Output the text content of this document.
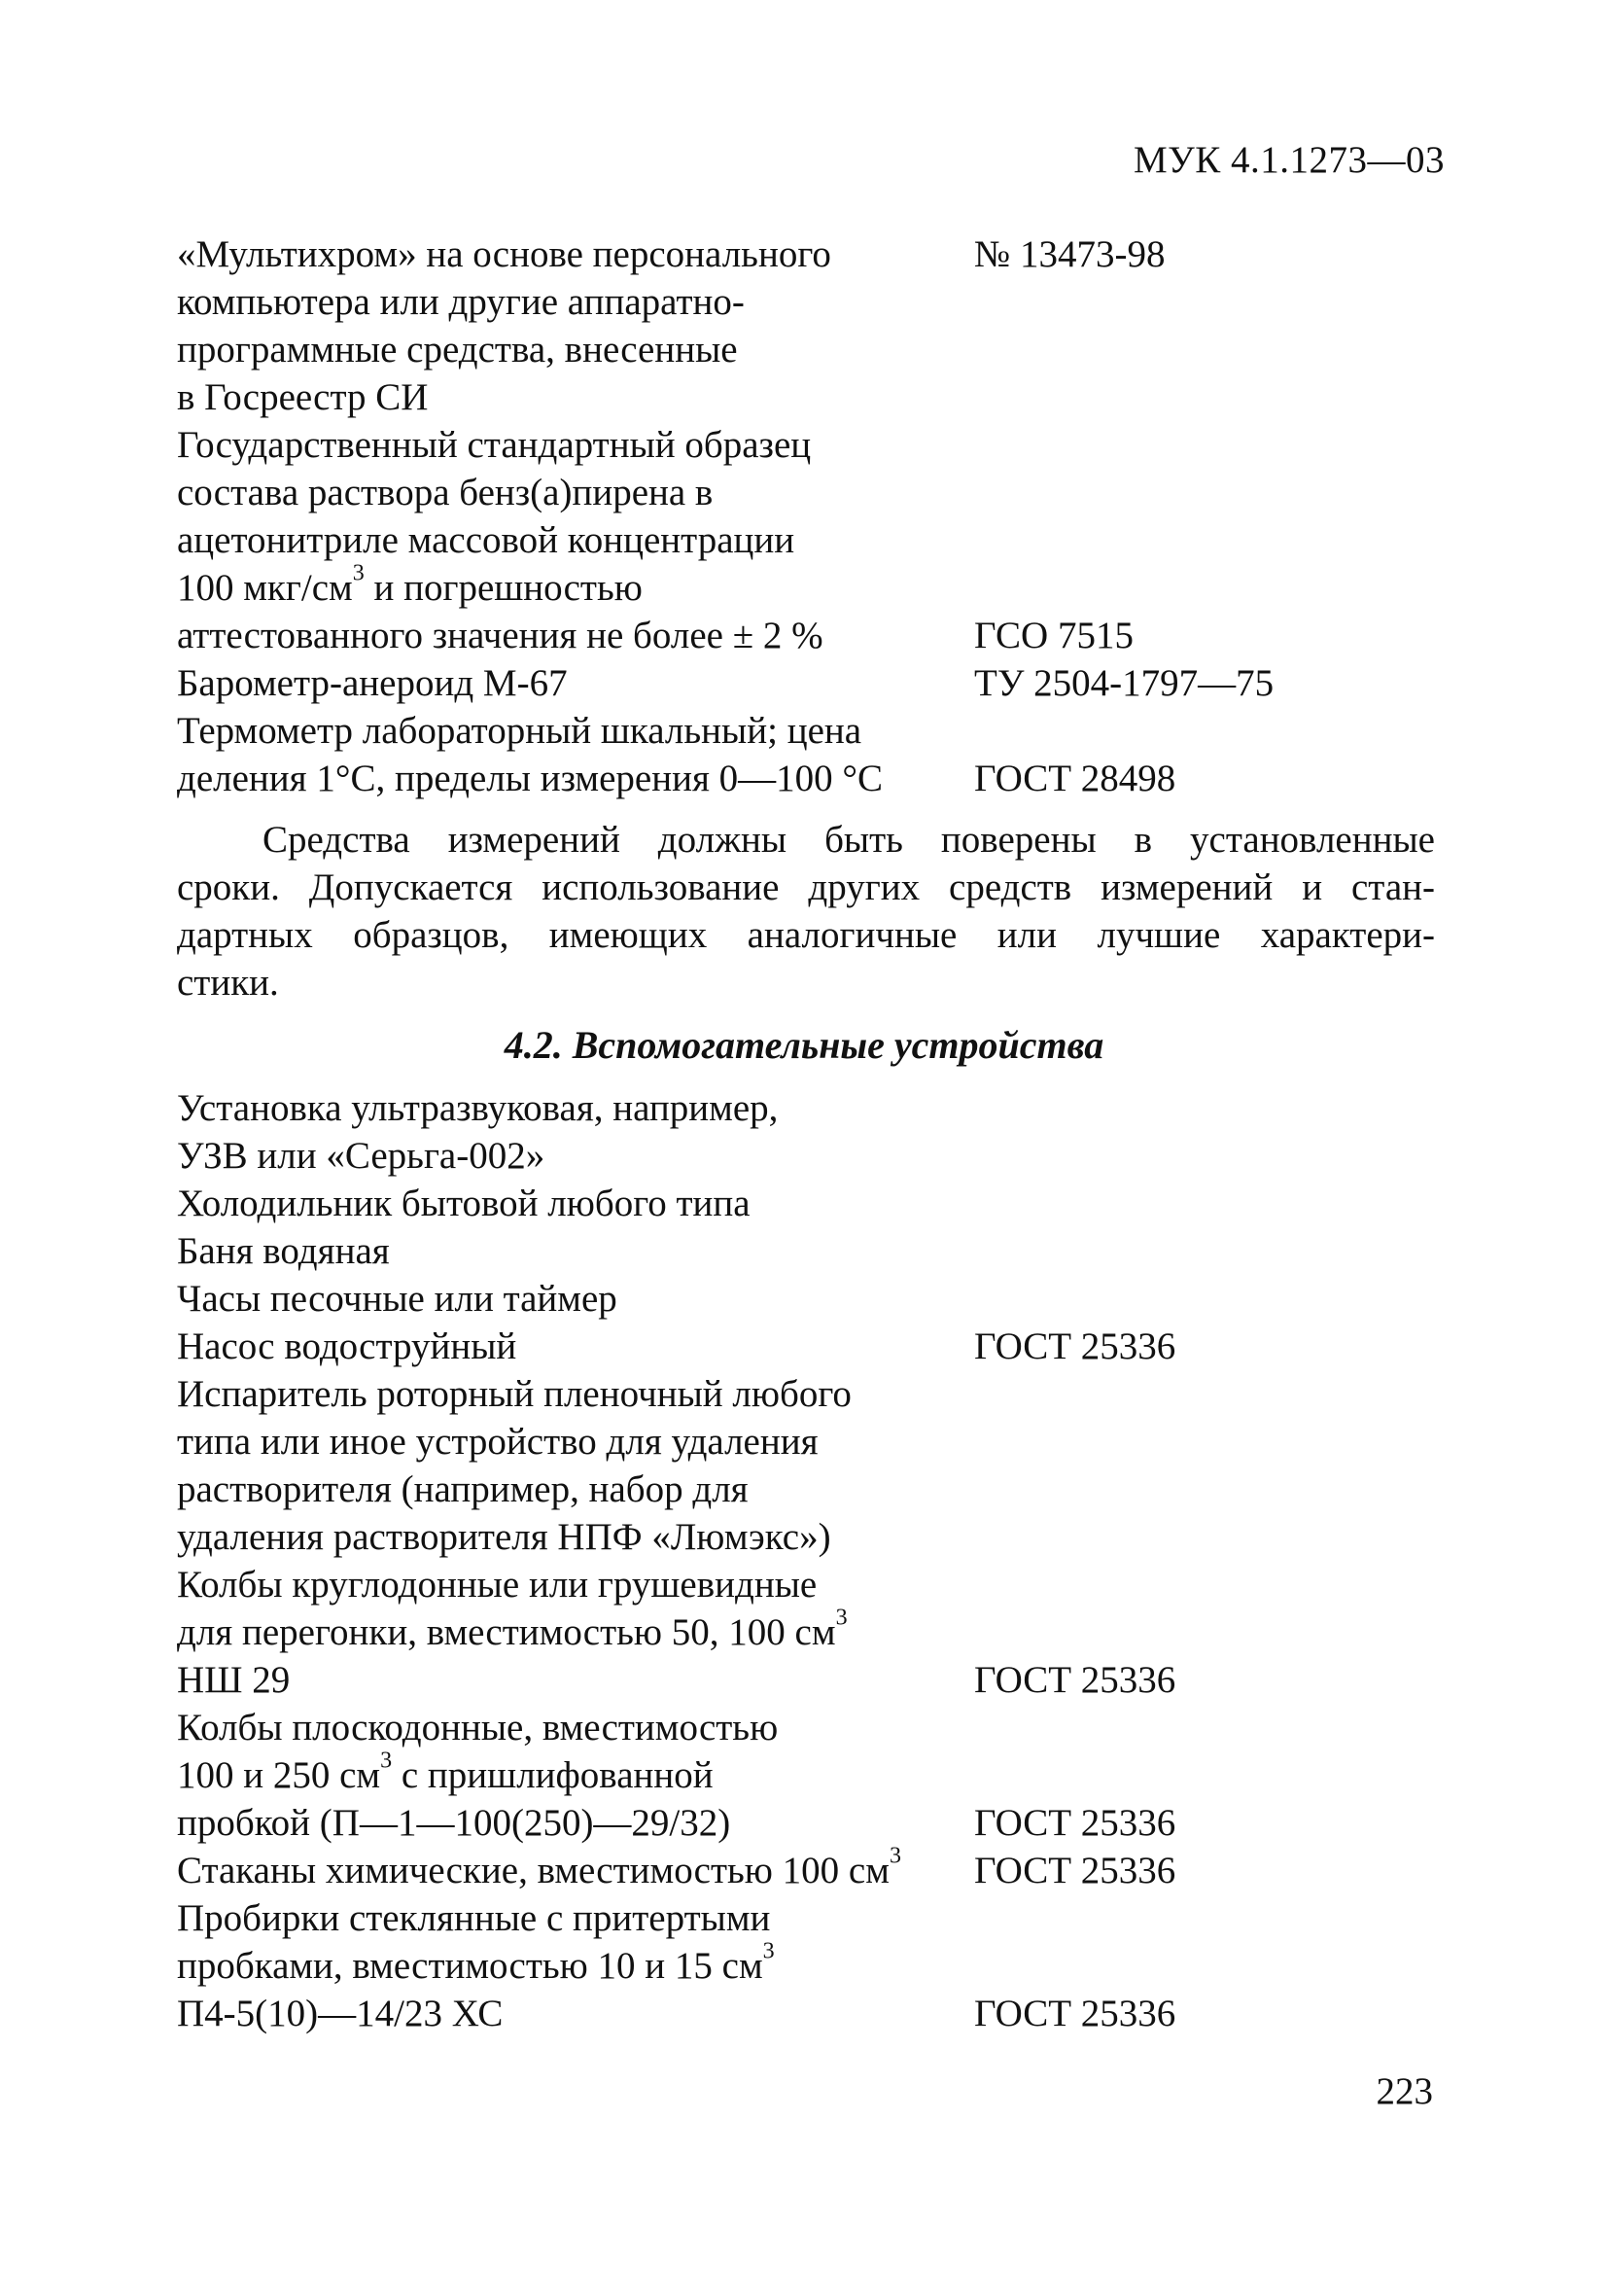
МУК 4.1.1273—03
«Мультихром» на основе персонального	№ 13473-98
компьютера или другие аппаратно-
программные средства, внесенные
в Госреестр СИ
Государственный стандартный образец
состава раствора бенз(а)пирена в
ацетонитриле массовой концентрации
100 мкг/$см^3$ и погрешностью
аттестованного значения не более ± 2 %	ГСО 7515
Барометр-анероид М-67	ТУ 2504-1797—75
Термометр лабораторный шкальный; цена
деления 1°С, пределы измерения 0—100 °С ГОСТ 28498
Средства измерений должны быть поверены в установленные
сроки. Допускается использование других средств измерений и стан-
дартных образцов, имеющих аналогичные или лучшие характери-
стики.
4.2. Вспомогательные устройства
Установка ультразвуковая, например,
УЗВ или «Серьга-002»
Холодильник бытовой любого типа
Баня водяная
Часы песочные или таймер
Насос водоструйный	ГОСТ 25336
Испаритель роторный пленочный любого
типа или иное устройство для удаления
растворителя (например, набор для
удаления растворителя НПФ «Люмэкс»)
Колбы круглодонные или грушевидные
для перегонки, вместимостью 50, 100 $см^3$
НШ 29	ГОСТ 25336
Колбы плоскодонные, вместимостью
100 и 250 $см^3$ с пришлифованной
пробкой (П—1—100(250)—29/32)	ГОСТ 25336
Стаканы химические, вместимостью 100 $см^3$ ГОСТ 25336
Пробирки стеклянные с притертыми
пробками, вместимостью 10 и 15 $см^3$
П4-5(10)—14/23 ХС	ГОСТ 25336
223
